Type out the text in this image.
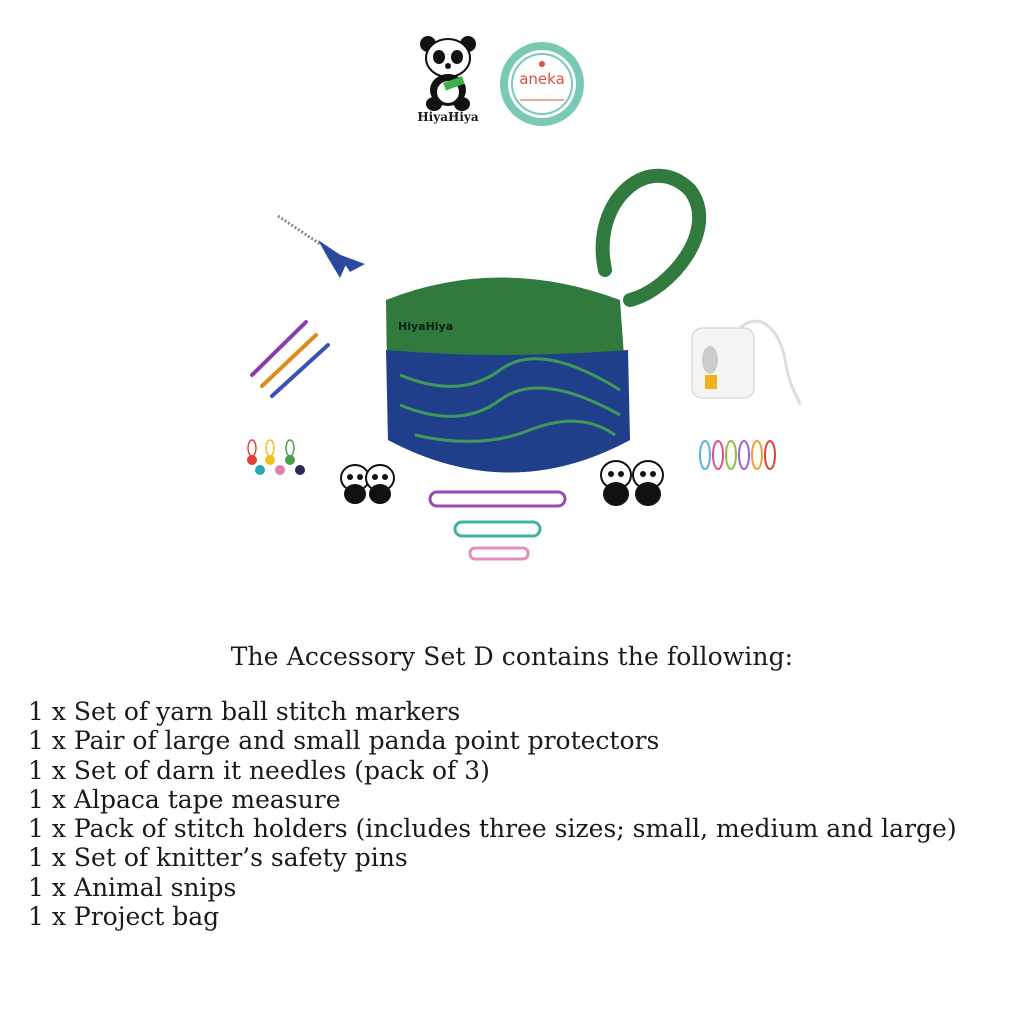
HiyaHiya
aneka
HiyaHiya

The Accessory Set D contains the following:

1 x Set of yarn ball stitch markers
1 x Pair of large and small panda point protectors
1 x Set of darn it needles (pack of 3)
1 x Alpaca tape measure
1 x Pack of stitch holders (includes three sizes; small, medium and large)
1 x Set of knitter’s safety pins
1 x Animal snips
1 x Project bag
